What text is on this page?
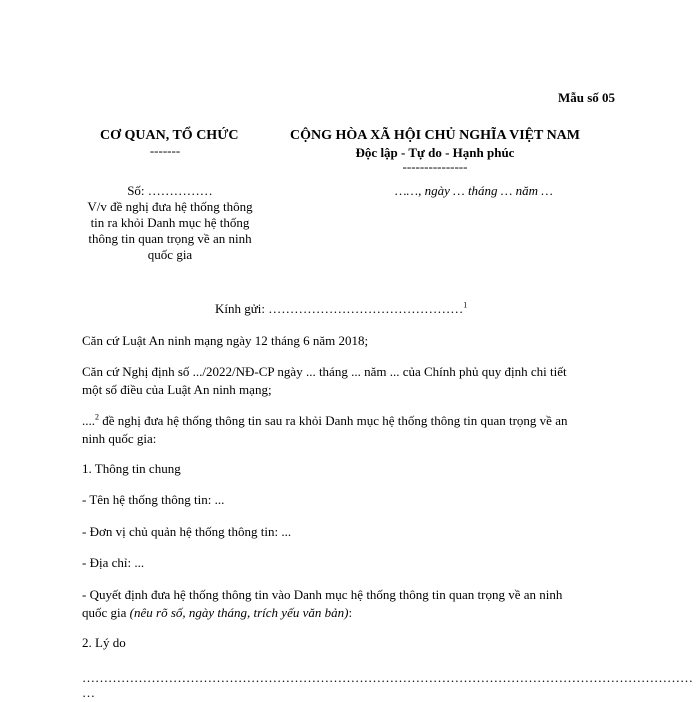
Mẫu số 05
CƠ QUAN, TỔ CHỨC
-------
CỘNG HÒA XÃ HỘI CHỦ NGHĨA VIỆT NAM
Độc lập - Tự do - Hạnh phúc
---------------
Số: ……………
V/v đề nghị đưa hệ thống thông
tin ra khỏi Danh mục hệ thống
thông tin quan trọng về an ninh
quốc gia
……, ngày … tháng … năm …
Kính gửi: ………………………………………$^1$
Căn cứ Luật An ninh mạng ngày 12 tháng 6 năm 2018;
Căn cứ Nghị định số .../2022/NĐ-CP ngày ... tháng ... năm ... của Chính phủ quy định chi tiết
một số điều của Luật An ninh mạng;
....$^2$ đề nghị đưa hệ thống thông tin sau ra khỏi Danh mục hệ thống thông tin quan trọng về an
ninh quốc gia:
1. Thông tin chung
- Tên hệ thống thông tin: ...
- Đơn vị chủ quản hệ thống thông tin: ...
- Địa chỉ: ...
- Quyết định đưa hệ thống thông tin vào Danh mục hệ thống thông tin quan trọng về an ninh
quốc gia (nêu rõ số, ngày tháng, trích yếu văn bản):
2. Lý do
……………………………………………………………………………………………………………………………
…
